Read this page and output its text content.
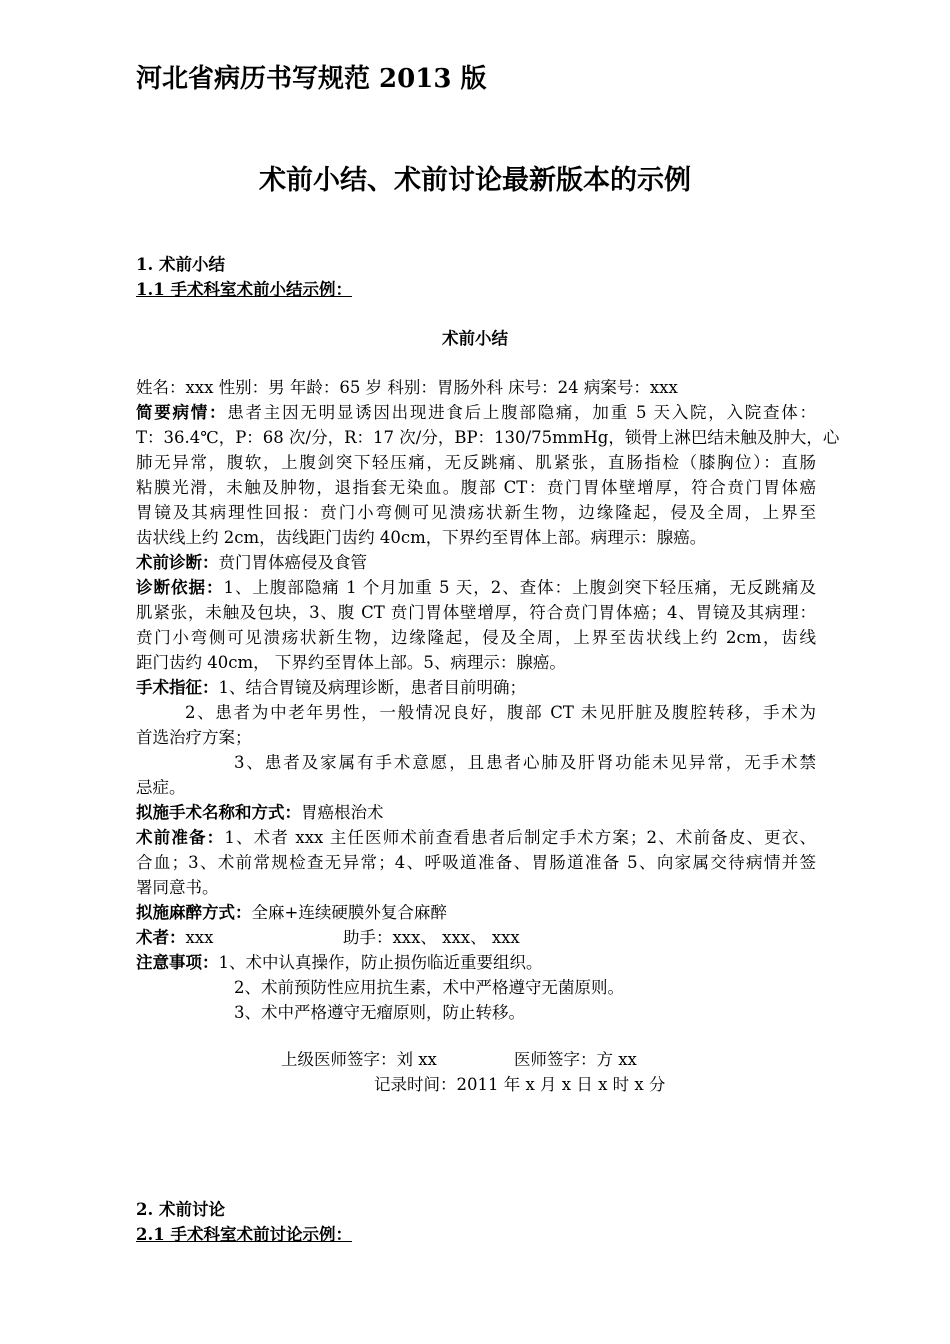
河北省病历书写规范 2013 版
术前小结、术前讨论最新版本的示例
1. 术前小结
1.1 手术科室术前小结示例：
术前小结
姓名：xxx 性别：男 年龄：65 岁 科别：胃肠外科 床号：24 病案号：xxx
简要病情：患者主因无明显诱因出现进食后上腹部隐痛，加重 5 天入院，入院查体：
T：36.4℃，P：68 次/分，R：17 次/分，BP：130/75mmHg，锁骨上淋巴结未触及肿大，心
肺无异常，腹软，上腹剑突下轻压痛，无反跳痛、肌紧张，直肠指检（膝胸位）：直肠
粘膜光滑，未触及肿物，退指套无染血。腹部 CT：贲门胃体壁增厚，符合贲门胃体癌
胃镜及其病理性回报：贲门小弯侧可见溃疡状新生物，边缘隆起，侵及全周，上界至
齿状线上约 2cm，齿线距门齿约 40cm，下界约至胃体上部。病理示：腺癌。
术前诊断：贲门胃体癌侵及食管
诊断依据：1、上腹部隐痛 1 个月加重 5 天，2、查体：上腹剑突下轻压痛，无反跳痛及
肌紧张，未触及包块，3、腹 CT 贲门胃体壁增厚，符合贲门胃体癌；4、胃镜及其病理：
贲门小弯侧可见溃疡状新生物，边缘隆起，侵及全周，上界至齿状线上约 2cm，齿线
距门齿约 40cm， 下界约至胃体上部。5、病理示：腺癌。
手术指征：1、结合胃镜及病理诊断，患者目前明确；
2、患者为中老年男性，一般情况良好，腹部 CT 未见肝脏及腹腔转移，手术为
首选治疗方案；
3、患者及家属有手术意愿，且患者心肺及肝肾功能未见异常，无手术禁
忌症。
拟施手术名称和方式：胃癌根治术
术前准备：1、术者 xxx 主任医师术前查看患者后制定手术方案；2、术前备皮、更衣、
合血；3、术前常规检查无异常；4、呼吸道准备、胃肠道准备 5、向家属交待病情并签
署同意书。
拟施麻醉方式：全麻+连续硬膜外复合麻醉
术者：xxx	助手：xxx、 xxx、 xxx
注意事项：1、术中认真操作，防止损伤临近重要组织。
2、术前预防性应用抗生素，术中严格遵守无菌原则。
3、术中严格遵守无瘤原则，防止转移。
上级医师签字：刘 xx	医师签字：方 xx
记录时间：2011 年 x 月 x 日 x 时 x 分
2. 术前讨论
2.1 手术科室术前讨论示例：
